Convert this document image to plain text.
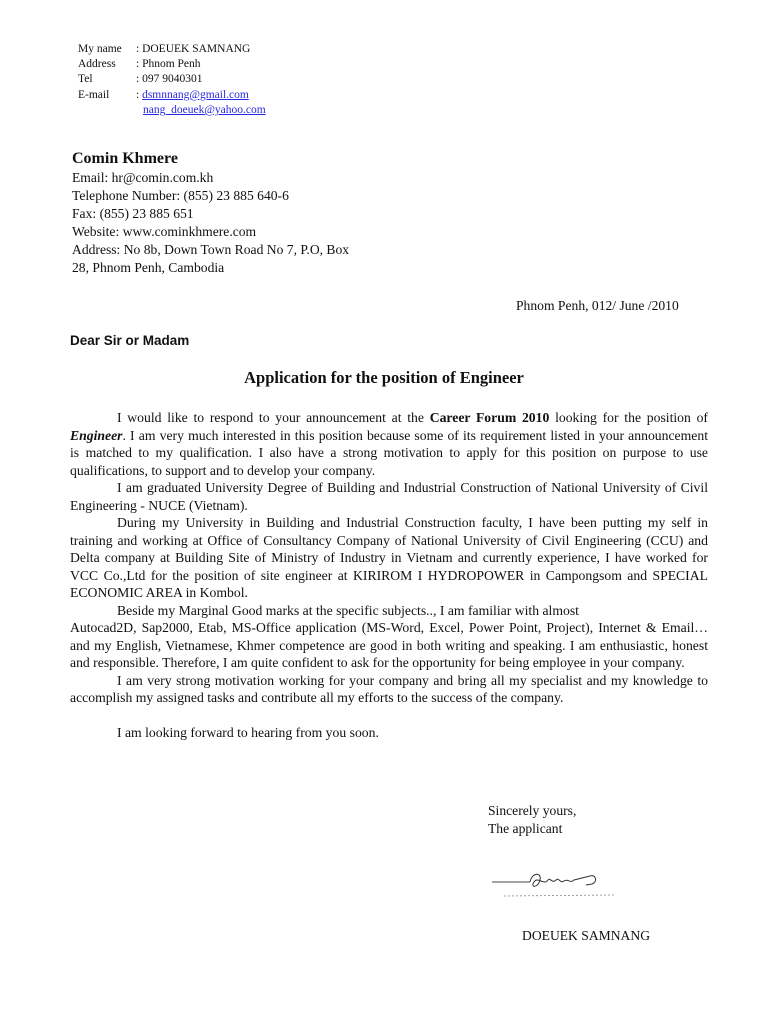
My name : DOEUEK SAMNANG
Address : Phnom Penh
Tel	: 097 9040301
E-mail : dsmnnang@gmail.com
nang_doeuek@yahoo.com
Comin Khmere
Email: hr@comin.com.kh
Telephone Number: (855) 23 885 640-6
Fax: (855) 23 885 651
Website: www.cominkhmere.com
Address: No 8b, Down Town Road No 7, P.O, Box
28, Phnom Penh, Cambodia
Phnom Penh, 012/ June /2010
Dear Sir or Madam
Application for the position of Engineer

I would like to respond to your announcement at the Career Forum 2010 looking for the position of Engineer. I am very much interested in this position because some of its requirement listed in your announcement is matched to my qualification. I also have a strong motivation to apply for this position on purpose to use qualifications, to support and to develop your company.

I am graduated University Degree of Building and Industrial Construction of National University of Civil Engineering - NUCE (Vietnam).

During my University in Building and Industrial Construction faculty, I have been putting my self in training and working at Office of Consultancy Company of National University of Civil Engineering (CCU) and Delta company at Building Site of Ministry of Industry in Vietnam and currently experience, I have worked for VCC Co.,Ltd for the position of site engineer at KIRIROM I HYDROPOWER in Campongsom and SPECIAL ECONOMIC AREA in Kombol.

Beside my Marginal Good marks at the specific subjects.., I am familiar with almost

Autocad2D, Sap2000, Etab, MS-Office application (MS-Word, Excel, Power Point, Project), Internet & Email… and my English, Vietnamese, Khmer competence are good in both writing and speaking. I am enthusiastic, honest and responsible. Therefore, I am quite confident to ask for the opportunity for being employee in your company.

I am very strong motivation working for your company and bring all my specialist and my knowledge to accomplish my assigned tasks and contribute all my efforts to the success of the company.

I am looking forward to hearing from you soon.

Sincerely yours,
The applicant
DOEUEK SAMNANG
